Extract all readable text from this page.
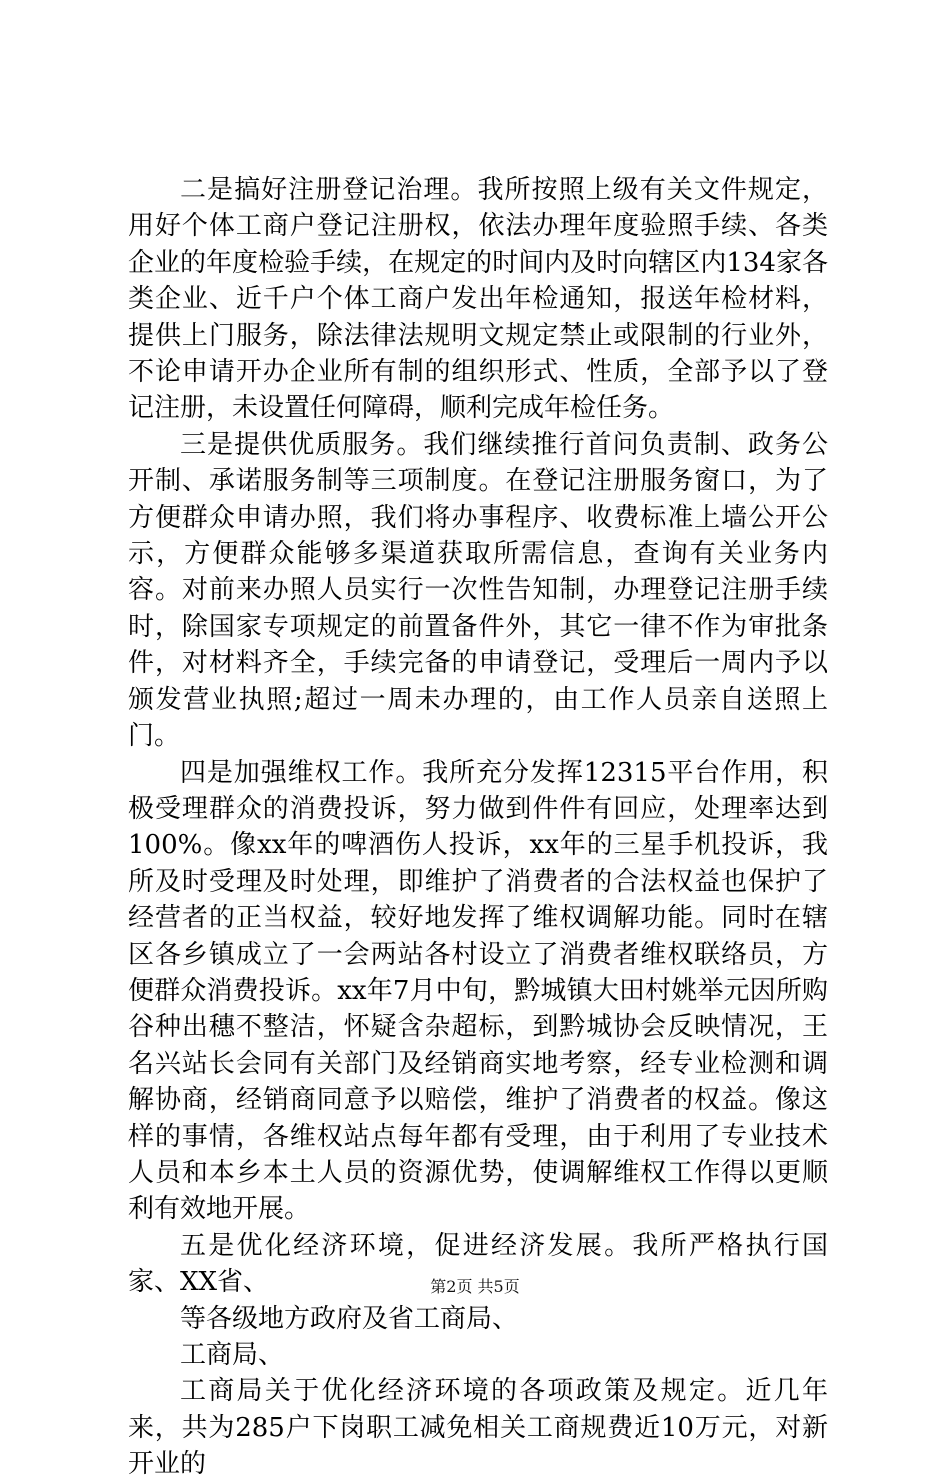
二是搞好注册登记治理。我所按照上级有关文件规定，用好个体工商户登记注册权，依法办理年度验照手续、各类企业的年度检验手续，在规定的时间内及时向辖区内134家各类企业、近千户个体工商户发出年检通知，报送年检材料，提供上门服务，除法律法规明文规定禁止或限制的行业外，不论申请开办企业所有制的组织形式、性质，全部予以了登记注册，未设置任何障碍，顺利完成年检任务。

三是提供优质服务。我们继续推行首问负责制、政务公开制、承诺服务制等三项制度。在登记注册服务窗口，为了方便群众申请办照，我们将办事程序、收费标准上墙公开公示，方便群众能够多渠道获取所需信息，查询有关业务内容。对前来办照人员实行一次性告知制，办理登记注册手续时，除国家专项规定的前置备件外，其它一律不作为审批条件，对材料齐全，手续完备的申请登记，受理后一周内予以颁发营业执照;超过一周未办理的，由工作人员亲自送照上门。

四是加强维权工作。我所充分发挥12315平台作用，积极受理群众的消费投诉，努力做到件件有回应，处理率达到100%。像xx年的啤酒伤人投诉，xx年的三星手机投诉，我所及时受理及时处理，即维护了消费者的合法权益也保护了经营者的正当权益，较好地发挥了维权调解功能。同时在辖区各乡镇成立了一会两站各村设立了消费者维权联络员，方便群众消费投诉。xx年7月中旬，黔城镇大田村姚举元因所购谷种出穗不整洁，怀疑含杂超标，到黔城协会反映情况，王名兴站长会同有关部门及经销商实地考察，经专业检测和调解协商，经销商同意予以赔偿，维护了消费者的权益。像这样的事情，各维权站点每年都有受理，由于利用了专业技术人员和本乡本土人员的资源优势，使调解维权工作得以更顺利有效地开展。

五是优化经济环境，促进经济发展。我所严格执行国家、XX省、

等各级地方政府及省工商局、

工商局、

工商局关于优化经济环境的各项政策及规定。近几年来，共为285户下岗职工减免相关工商规费近10万元，对新开业的

第2页 共5页
